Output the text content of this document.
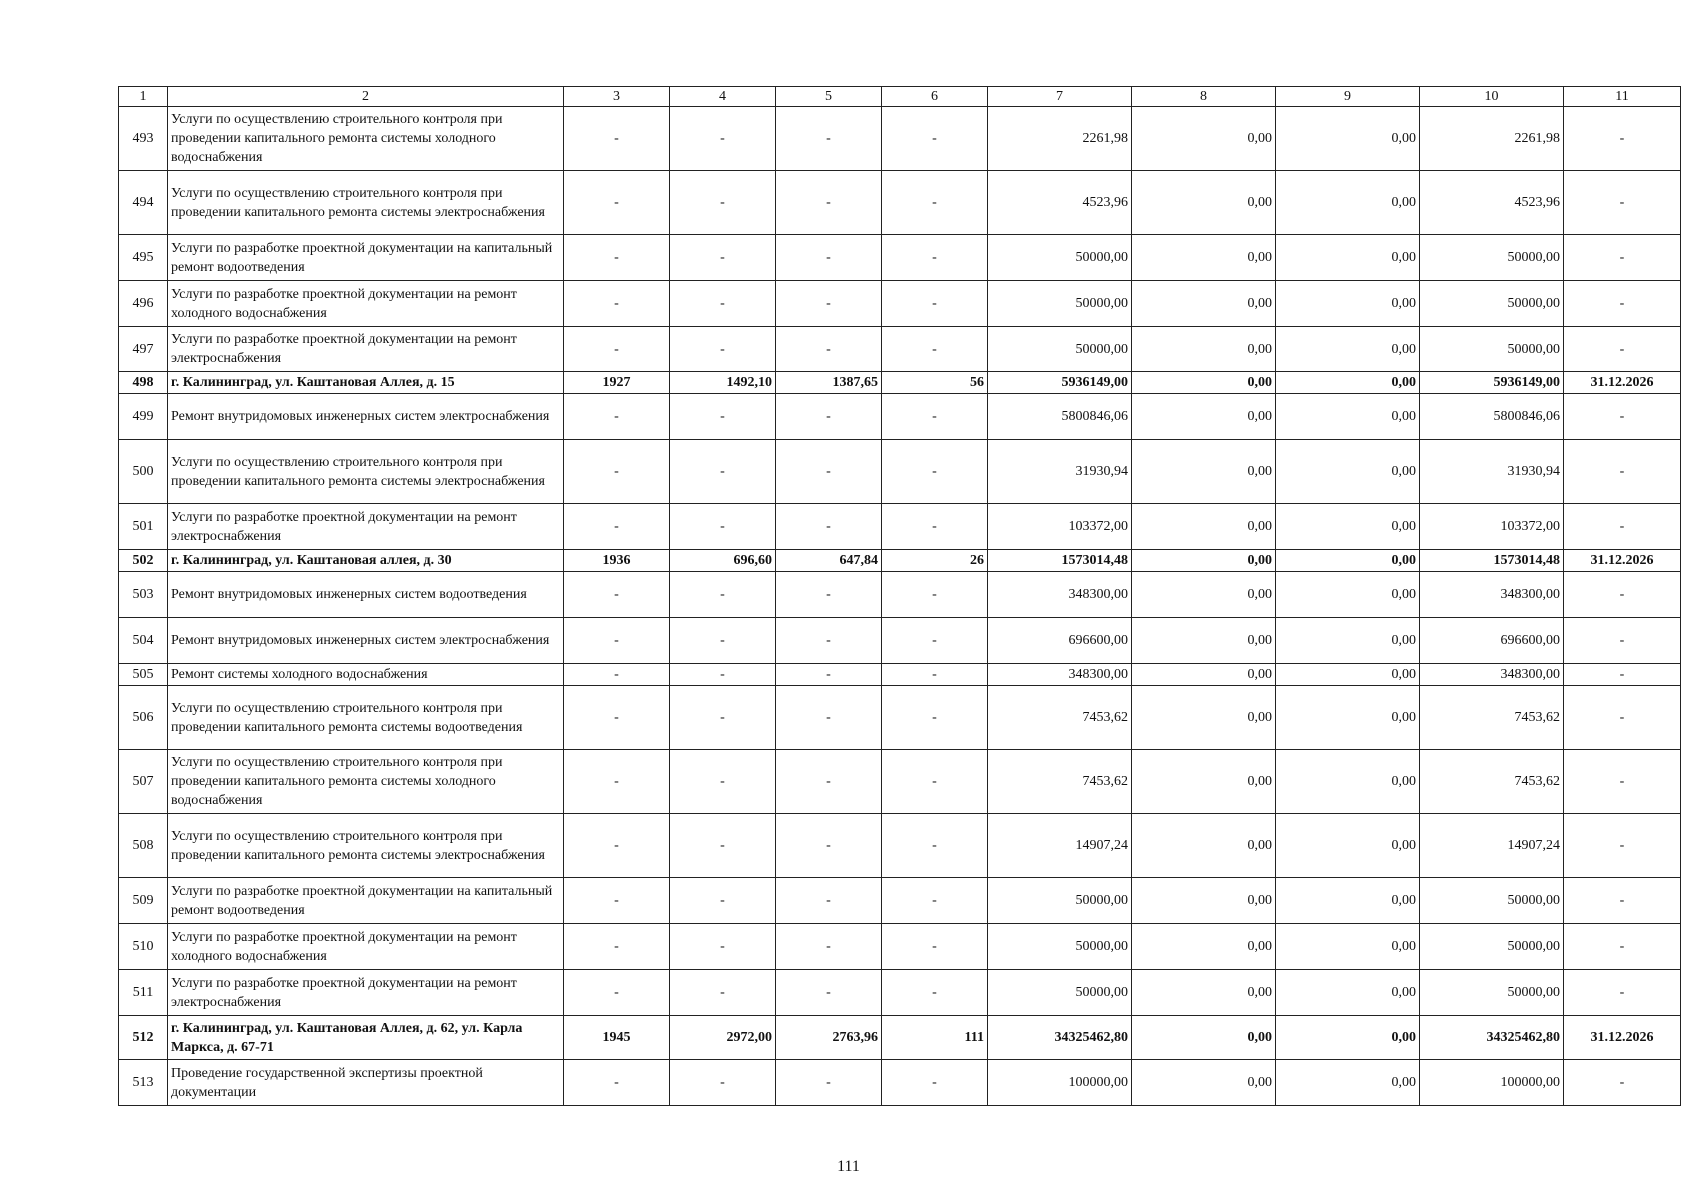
1	2	3	4	5	6	7	8	9	10	11
493	Услуги по осуществлению строительного контроля при проведении капитального ремонта системы холодного водоснабжения	-	-	-	-	2261,98	0,00	0,00	2261,98	-
494	Услуги по осуществлению строительного контроля при проведении капитального ремонта системы электроснабжения	-	-	-	-	4523,96	0,00	0,00	4523,96	-
495	Услуги по разработке проектной документации на капитальный ремонт водоотведения	-	-	-	-	50000,00	0,00	0,00	50000,00	-
496	Услуги по разработке проектной документации на ремонт холодного водоснабжения	-	-	-	-	50000,00	0,00	0,00	50000,00	-
497	Услуги по разработке проектной документации на ремонт электроснабжения	-	-	-	-	50000,00	0,00	0,00	50000,00	-
498	г. Калининград, ул. Каштановая Аллея, д. 15	1927	1492,10	1387,65	56	5936149,00	0,00	0,00	5936149,00	31.12.2026
499	Ремонт внутридомовых инженерных систем электроснабжения	-	-	-	-	5800846,06	0,00	0,00	5800846,06	-
500	Услуги по осуществлению строительного контроля при проведении капитального ремонта системы электроснабжения	-	-	-	-	31930,94	0,00	0,00	31930,94	-
501	Услуги по разработке проектной документации на ремонт электроснабжения	-	-	-	-	103372,00	0,00	0,00	103372,00	-
502	г. Калининград, ул. Каштановая аллея, д. 30	1936	696,60	647,84	26	1573014,48	0,00	0,00	1573014,48	31.12.2026
503	Ремонт внутридомовых инженерных систем водоотведения	-	-	-	-	348300,00	0,00	0,00	348300,00	-
504	Ремонт внутридомовых инженерных систем электроснабжения	-	-	-	-	696600,00	0,00	0,00	696600,00	-
505	Ремонт системы холодного водоснабжения	-	-	-	-	348300,00	0,00	0,00	348300,00	-
506	Услуги по осуществлению строительного контроля при проведении капитального ремонта системы водоотведения	-	-	-	-	7453,62	0,00	0,00	7453,62	-
507	Услуги по осуществлению строительного контроля при проведении капитального ремонта системы холодного водоснабжения	-	-	-	-	7453,62	0,00	0,00	7453,62	-
508	Услуги по осуществлению строительного контроля при проведении капитального ремонта системы электроснабжения	-	-	-	-	14907,24	0,00	0,00	14907,24	-
509	Услуги по разработке проектной документации на капитальный ремонт водоотведения	-	-	-	-	50000,00	0,00	0,00	50000,00	-
510	Услуги по разработке проектной документации на ремонт холодного водоснабжения	-	-	-	-	50000,00	0,00	0,00	50000,00	-
511	Услуги по разработке проектной документации на ремонт электроснабжения	-	-	-	-	50000,00	0,00	0,00	50000,00	-
512	г. Калининград, ул. Каштановая Аллея, д. 62, ул. Карла Маркса, д. 67-71	1945	2972,00	2763,96	111	34325462,80	0,00	0,00	34325462,80	31.12.2026
513	Проведение государственной экспертизы проектной документации	-	-	-	-	100000,00	0,00	0,00	100000,00	-
111
